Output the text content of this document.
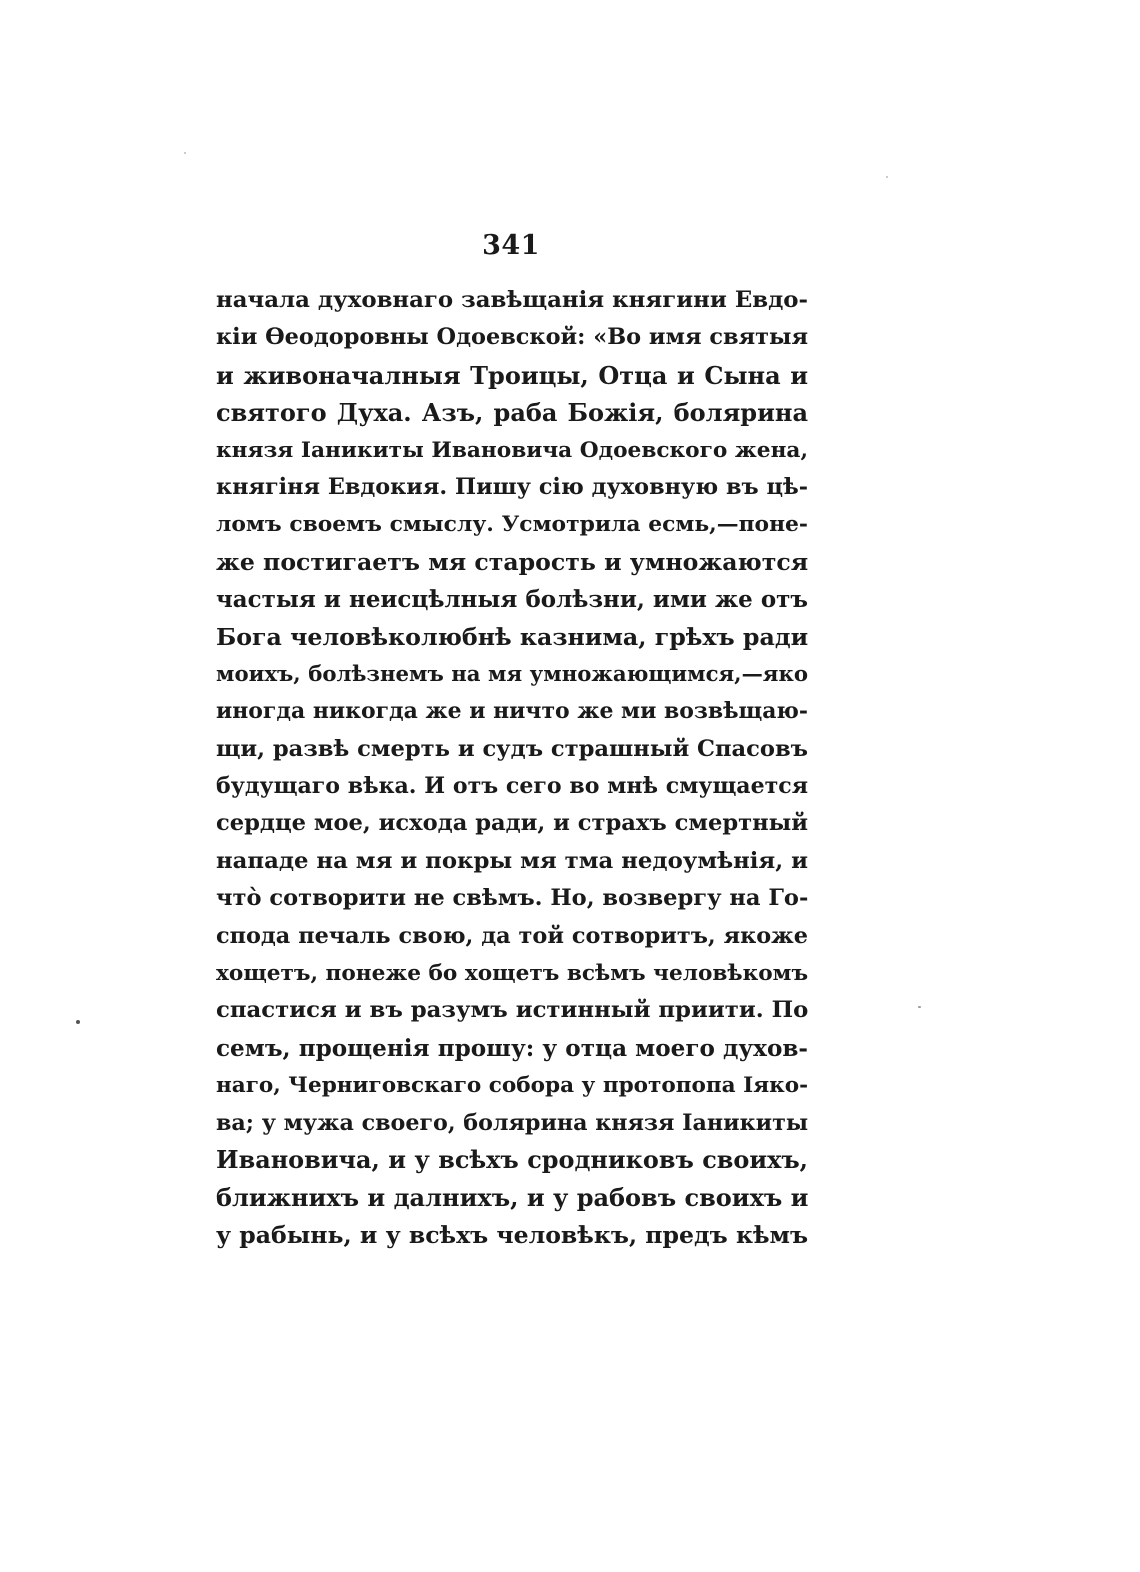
341
начала духовнаго завѣщанія княгини Евдо-
кіи Ѳеодоровны Одоевской: «Во имя святыя
и живоначалныя Троицы, Отца и Сына и
святого Духа. Азъ, раба Божія, болярина
князя Іаникиты Ивановича Одоевского жена,
княгіня Евдокия. Пишу сію духовную въ цѣ-
ломъ своемъ смыслу. Усмотрила есмь,—поне-
же постигаетъ мя старость и умножаются
частыя и неисцѣлныя болѣзни, ими же отъ
Бога человѣколюбнѣ казнима, грѣхъ ради
моихъ, болѣзнемъ на мя умножающимся,—яко
иногда никогда же и ничто же ми возвѣщаю-
щи, развѣ смерть и судъ страшный Спасовъ
будущаго вѣка. И отъ сего во мнѣ смущается
сердце мое, исхода ради, и страхъ смертный
нападе на мя и покры мя тма недоумѣнія, и
что̀ сотворити не свѣмъ. Но, возвергу на Го-
спода печаль свою, да той сотворитъ, якоже
хощетъ, понеже бо хощетъ всѣмъ человѣкомъ
спастися и въ разумъ истинный приити. По
семъ, прощенія прошу: у отца моего духов-
наго, Черниговскаго собора у протопопа Іяко-
ва; у мужа своего, болярина князя Іаникиты
Ивановича, и у всѣхъ сродниковъ своихъ,
ближнихъ и далнихъ, и у рабовъ своихъ и
у рабынь, и у всѣхъ человѣкъ, предъ кѣмъ
